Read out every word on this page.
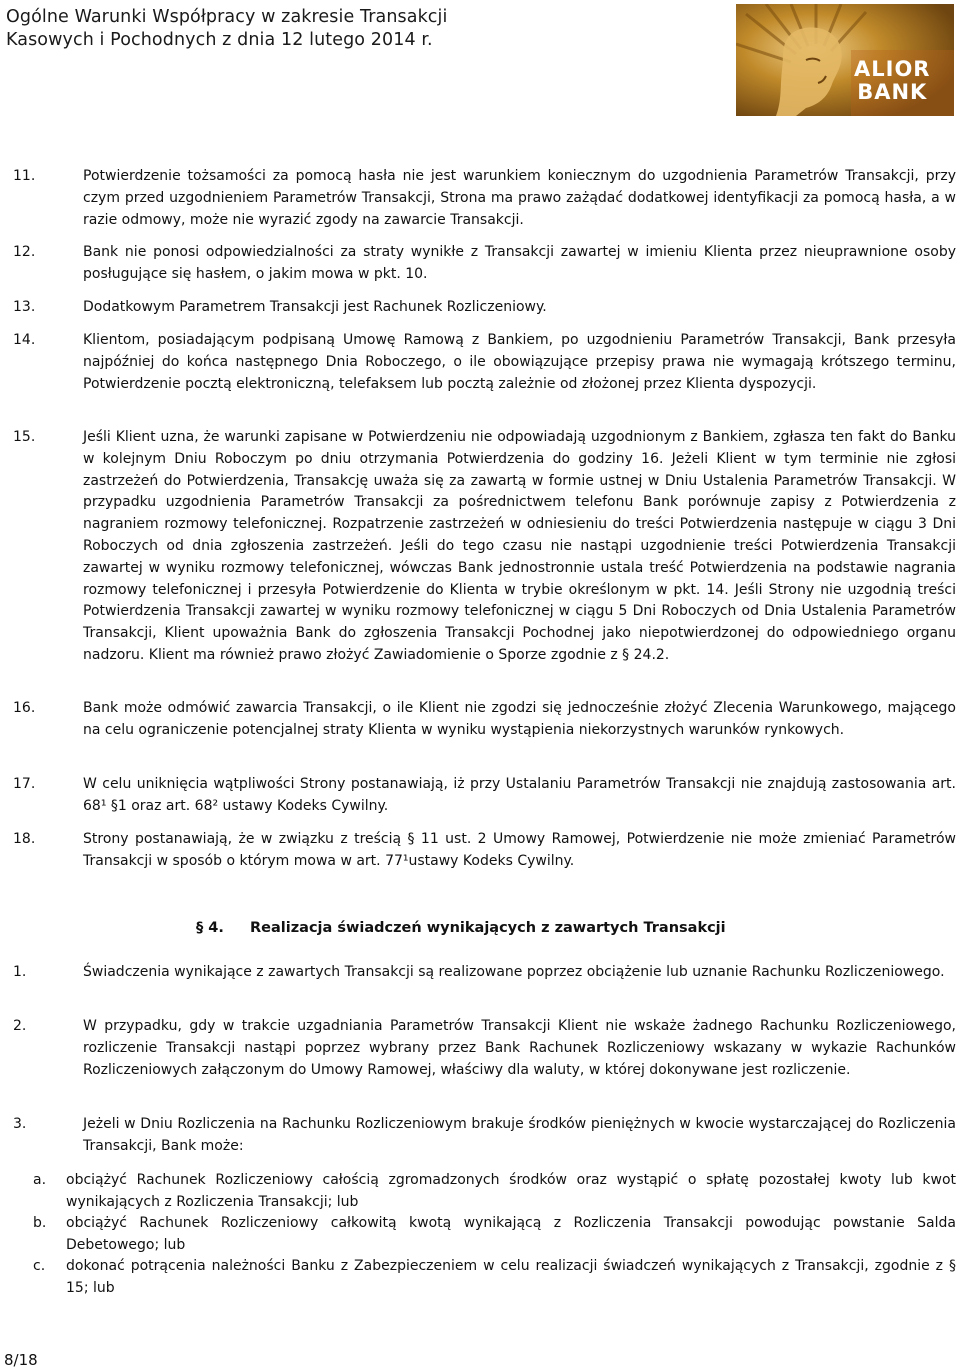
Ogólne Warunki Współpracy w zakresie Transakcji
Kasowych i Pochodnych z dnia 12 lutego 2014 r.
ALIOR
BANK
11.	Potwierdzenie tożsamości za pomocą hasła nie jest warunkiem koniecznym do uzgodnienia Parametrów Transakcji, przy czym przed uzgodnieniem Parametrów Transakcji, Strona ma prawo zażądać dodatkowej identyfikacji za pomocą hasła, a w razie odmowy, może nie wyrazić zgody na zawarcie Transakcji.
12.	Bank nie ponosi odpowiedzialności za straty wynikłe z Transakcji zawartej w imieniu Klienta przez nieuprawnione osoby posługujące się hasłem, o jakim mowa w pkt. 10.
13.	Dodatkowym Parametrem Transakcji jest Rachunek Rozliczeniowy.
14.	Klientom, posiadającym podpisaną Umowę Ramową z Bankiem, po uzgodnieniu Parametrów Transakcji, Bank przesyła najpóźniej do końca następnego Dnia Roboczego, o ile obowiązujące przepisy prawa nie wymagają krótszego terminu, Potwierdzenie pocztą elektroniczną, telefaksem lub pocztą zależnie od złożonej przez Klienta dyspozycji.
15.	Jeśli Klient uzna, że warunki zapisane w Potwierdzeniu nie odpowiadają uzgodnionym z Bankiem, zgłasza ten fakt do Banku w kolejnym Dniu Roboczym po dniu otrzymania Potwierdzenia do godziny 16. Jeżeli Klient w tym terminie nie zgłosi zastrzeżeń do Potwierdzenia, Transakcję uważa się za zawartą w formie ustnej w Dniu Ustalenia Parametrów Transakcji. W przypadku uzgodnienia Parametrów Transakcji za pośrednictwem telefonu Bank porównuje zapisy z Potwierdzenia z nagraniem rozmowy telefonicznej. Rozpatrzenie zastrzeżeń w odniesieniu do treści Potwierdzenia następuje w ciągu 3 Dni Roboczych od dnia zgłoszenia zastrzeżeń. Jeśli do tego czasu nie nastąpi uzgodnienie treści Potwierdzenia Transakcji zawartej w wyniku rozmowy telefonicznej, wówczas Bank jednostronnie ustala treść Potwierdzenia na podstawie nagrania rozmowy telefonicznej i przesyła Potwierdzenie do Klienta w trybie określonym w pkt. 14. Jeśli Strony nie uzgodnią treści Potwierdzenia Transakcji zawartej w wyniku rozmowy telefonicznej w ciągu 5 Dni Roboczych od Dnia Ustalenia Parametrów Transakcji, Klient upoważnia Bank do zgłoszenia Transakcji Pochodnej jako niepotwierdzonej do odpowiedniego organu nadzoru. Klient ma również prawo złożyć Zawiadomienie o Sporze zgodnie z § 24.2.
16.	Bank może odmówić zawarcia Transakcji, o ile Klient nie zgodzi się jednocześnie złożyć Zlecenia Warunkowego, mającego na celu ograniczenie potencjalnej straty Klienta w wyniku wystąpienia niekorzystnych warunków rynkowych.
17.	W celu uniknięcia wątpliwości Strony postanawiają, iż przy Ustalaniu Parametrów Transakcji nie znajdują zastosowania art. 68¹ §1 oraz art. 68² ustawy Kodeks Cywilny.
18.	Strony postanawiają, że w związku z treścią § 11 ust. 2 Umowy Ramowej, Potwierdzenie nie może zmieniać Parametrów Transakcji w sposób o którym mowa w art. 77¹ustawy Kodeks Cywilny.
§ 4. Realizacja świadczeń wynikających z zawartych Transakcji
1.	Świadczenia wynikające z zawartych Transakcji są realizowane poprzez obciążenie lub uznanie Rachunku Rozliczeniowego.
2.	W przypadku, gdy w trakcie uzgadniania Parametrów Transakcji Klient nie wskaże żadnego Rachunku Rozliczeniowego, rozliczenie Transakcji nastąpi poprzez wybrany przez Bank Rachunek Rozliczeniowy wskazany w wykazie Rachunków Rozliczeniowych załączonym do Umowy Ramowej, właściwy dla waluty, w której dokonywane jest rozliczenie.
3.	Jeżeli w Dniu Rozliczenia na Rachunku Rozliczeniowym brakuje środków pieniężnych w kwocie wystarczającej do Rozliczenia Transakcji, Bank może:
a. obciążyć Rachunek Rozliczeniowy całością zgromadzonych środków oraz wystąpić o spłatę pozostałej kwoty lub kwot wynikających z Rozliczenia Transakcji; lub
b. obciążyć Rachunek Rozliczeniowy całkowitą kwotą wynikającą z Rozliczenia Transakcji powodując powstanie Salda Debetowego; lub
c. dokonać potrącenia należności Banku z Zabezpieczeniem w celu realizacji świadczeń wynikających z Transakcji, zgodnie z § 15; lub
8/18
